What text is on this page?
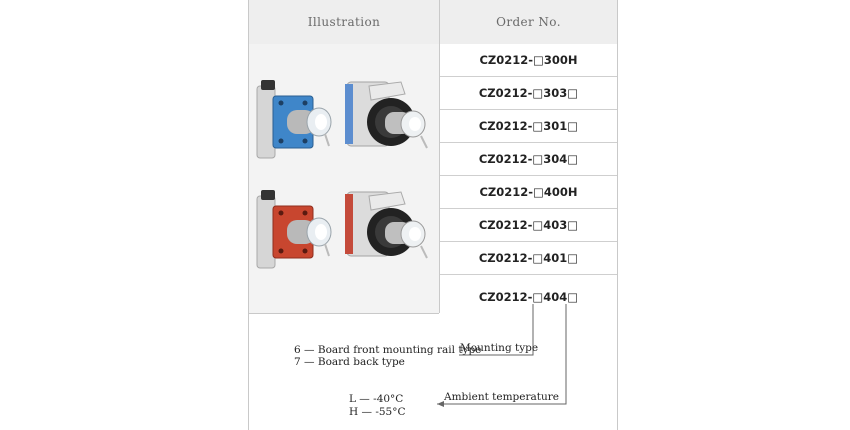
Illustration	Order No.
CZ0212-□300H
CZ0212-□303□
CZ0212-□301□
CZ0212-□304□
CZ0212-□400H
CZ0212-□403□
CZ0212-□401□
CZ0212-□404□
Mounting type
Ambient temperature
6 — Board front mounting rail type
7 — Board back type
L — -40°C
H — -55°C
